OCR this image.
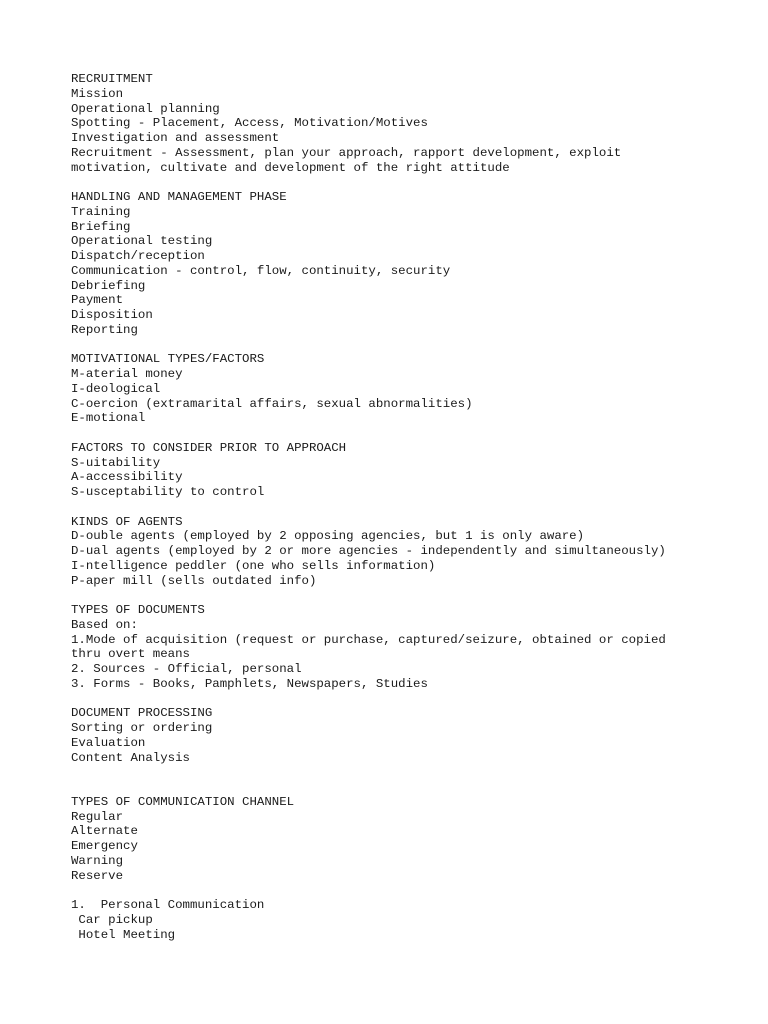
RECRUITMENT
Mission
Operational planning
Spotting - Placement, Access, Motivation/Motives
Investigation and assessment
Recruitment - Assessment, plan your approach, rapport development, exploit
motivation, cultivate and development of the right attitude
HANDLING AND MANAGEMENT PHASE
Training
Briefing
Operational testing
Dispatch/reception
Communication - control, flow, continuity, security
Debriefing
Payment
Disposition
Reporting
MOTIVATIONAL TYPES/FACTORS
M-aterial money
I-deological
C-oercion (extramarital affairs, sexual abnormalities)
E-motional
FACTORS TO CONSIDER PRIOR TO APPROACH
S-uitability
A-accessibility
S-usceptability to control
KINDS OF AGENTS
D-ouble agents (employed by 2 opposing agencies, but 1 is only aware)
D-ual agents (employed by 2 or more agencies - independently and simultaneously)
I-ntelligence peddler (one who sells information)
P-aper mill (sells outdated info)
TYPES OF DOCUMENTS
Based on:
1.Mode of acquisition (request or purchase, captured/seizure, obtained or copied
thru overt means
2. Sources - Official, personal
3. Forms - Books, Pamphlets, Newspapers, Studies
DOCUMENT PROCESSING
Sorting or ordering
Evaluation
Content Analysis
TYPES OF COMMUNICATION CHANNEL
Regular
Alternate
Emergency
Warning
Reserve
1.  Personal Communication
Car pickup
Hotel Meeting
